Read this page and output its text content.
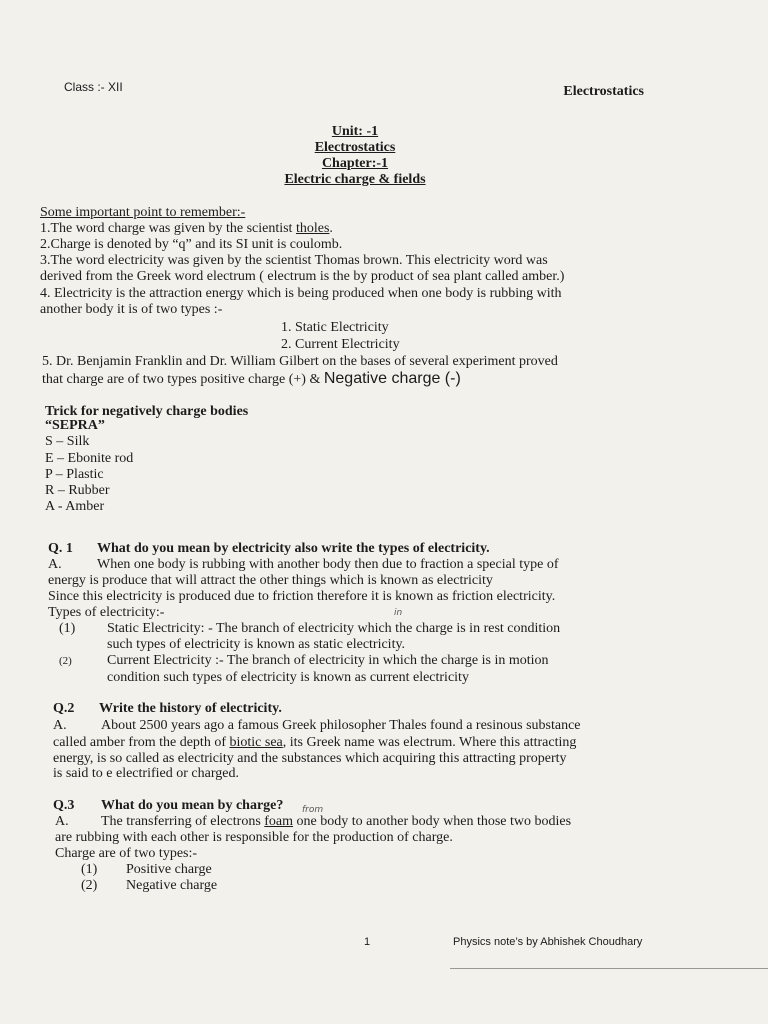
Class :- XII	Electrostatics
Unit: -1
Electrostatics
Chapter:-1
Electric charge & fields
Some important point to remember:-
1.The word charge was given by the scientist tholes.
2.Charge is denoted by “q” and its SI unit is coulomb.
3.The word electricity was given by the scientist Thomas brown. This electricity word was
derived from the Greek word electrum ( electrum is the by product of sea plant called amber.)
4. Electricity is the attraction energy which is being produced when one body is rubbing with
another body it is of two types :-
1. Static Electricity
2. Current Electricity
5. Dr. Benjamin Franklin and Dr. William Gilbert on the bases of several experiment proved
that charge are of two types positive charge (+) & Negative charge (-)
Trick for negatively charge bodies
“SEPRA”
S – Silk
E – Ebonite rod
P – Plastic
R – Rubber
A - Amber
Q. 1 What do you mean by electricity also write the types of electricity.
A.	When one body is rubbing with another body then due to fraction a special type of
energy is produce that will attract the other things which is known as electricity
Since this electricity is produced due to friction therefore it is known as friction electricity.
Types of electricity:-	in
(1) Static Electricity: - The branch of electricity which the charge is in rest condition
such types of electricity is known as static electricity.
(2)	Current Electricity :- The branch of electricity in which the charge is in motion
condition such types of electricity is known as current electricity
Q.2 Write the history of electricity.
A. About 2500 years ago a famous Greek philosopher Thales found a resinous substance
called amber from the depth of biotic sea, its Greek name was electrum. Where this attracting
energy, is so called as electricity and the substances which acquiring this attracting property
is said to e electrified or charged.
Q.3 What do you mean by charge? from
A. The transferring of electrons foam one body to another body when those two bodies
are rubbing with each other is responsible for the production of charge.
Charge are of two types:-
(1) Positive charge
(2) Negative charge
1	Physics note’s by Abhishek Choudhary
